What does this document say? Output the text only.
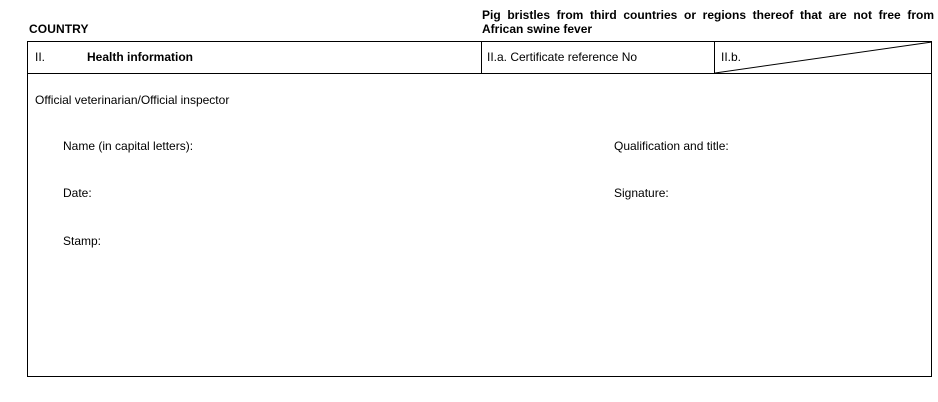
COUNTRY
Pig bristles from third countries or regions thereof that are not free from African swine fever
II.	Health information	II.a. Certificate reference No	II.b.
Official veterinarian/Official inspector
Name (in capital letters):	Qualification and title:
Date:	Signature:
Stamp:
